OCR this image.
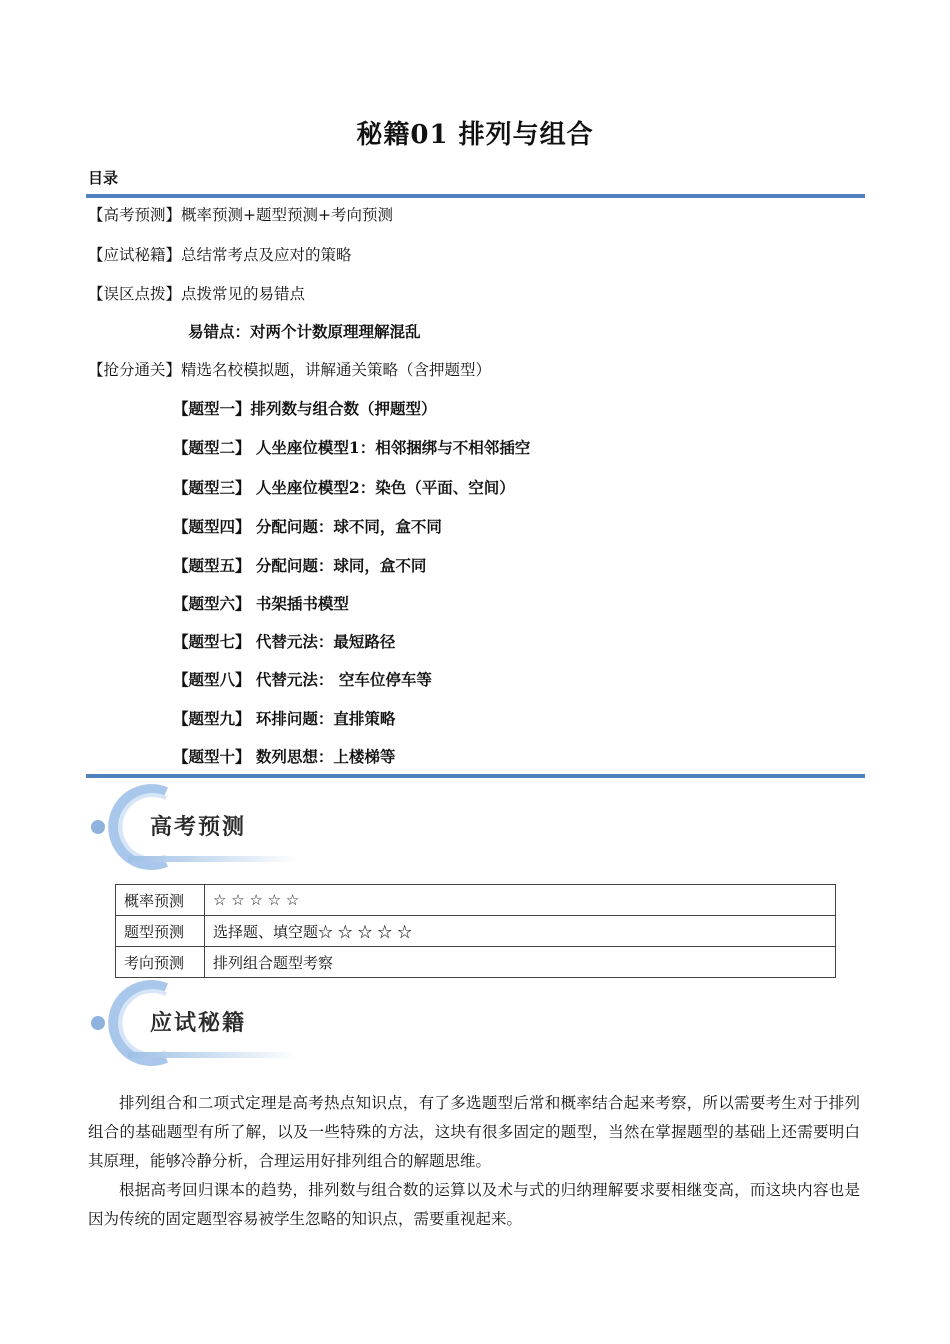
秘籍01 排列与组合
目录
【高考预测】概率预测+题型预测+考向预测
【应试秘籍】总结常考点及应对的策略
【误区点拨】点拨常见的易错点
易错点：对两个计数原理理解混乱
【抢分通关】精选名校模拟题，讲解通关策略（含押题型）
【题型一】排列数与组合数（押题型）
【题型二】 人坐座位模型1：相邻捆绑与不相邻插空
【题型三】 人坐座位模型2：染色（平面、空间）
【题型四】 分配问题：球不同，盒不同
【题型五】 分配问题：球同，盒不同
【题型六】 书架插书模型
【题型七】 代替元法：最短路径
【题型八】 代替元法： 空车位停车等
【题型九】 环排问题：直排策略
【题型十】 数列思想：上楼梯等
高考预测
概率预测	☆ ☆ ☆ ☆ ☆
题型预测	选择题、填空题☆ ☆ ☆ ☆ ☆
考向预测	排列组合题型考察
应试秘籍
排列组合和二项式定理是高考热点知识点，有了多选题型后常和概率结合起来考察，所以需要考生对于排列组合的基础题型有所了解，以及一些特殊的方法，这块有很多固定的题型，当然在掌握题型的基础上还需要明白其原理，能够冷静分析，合理运用好排列组合的解题思维。
根据高考回归课本的趋势，排列数与组合数的运算以及术与式的归纳理解要求要相继变高，而这块内容也是因为传统的固定题型容易被学生忽略的知识点，需要重视起来。
